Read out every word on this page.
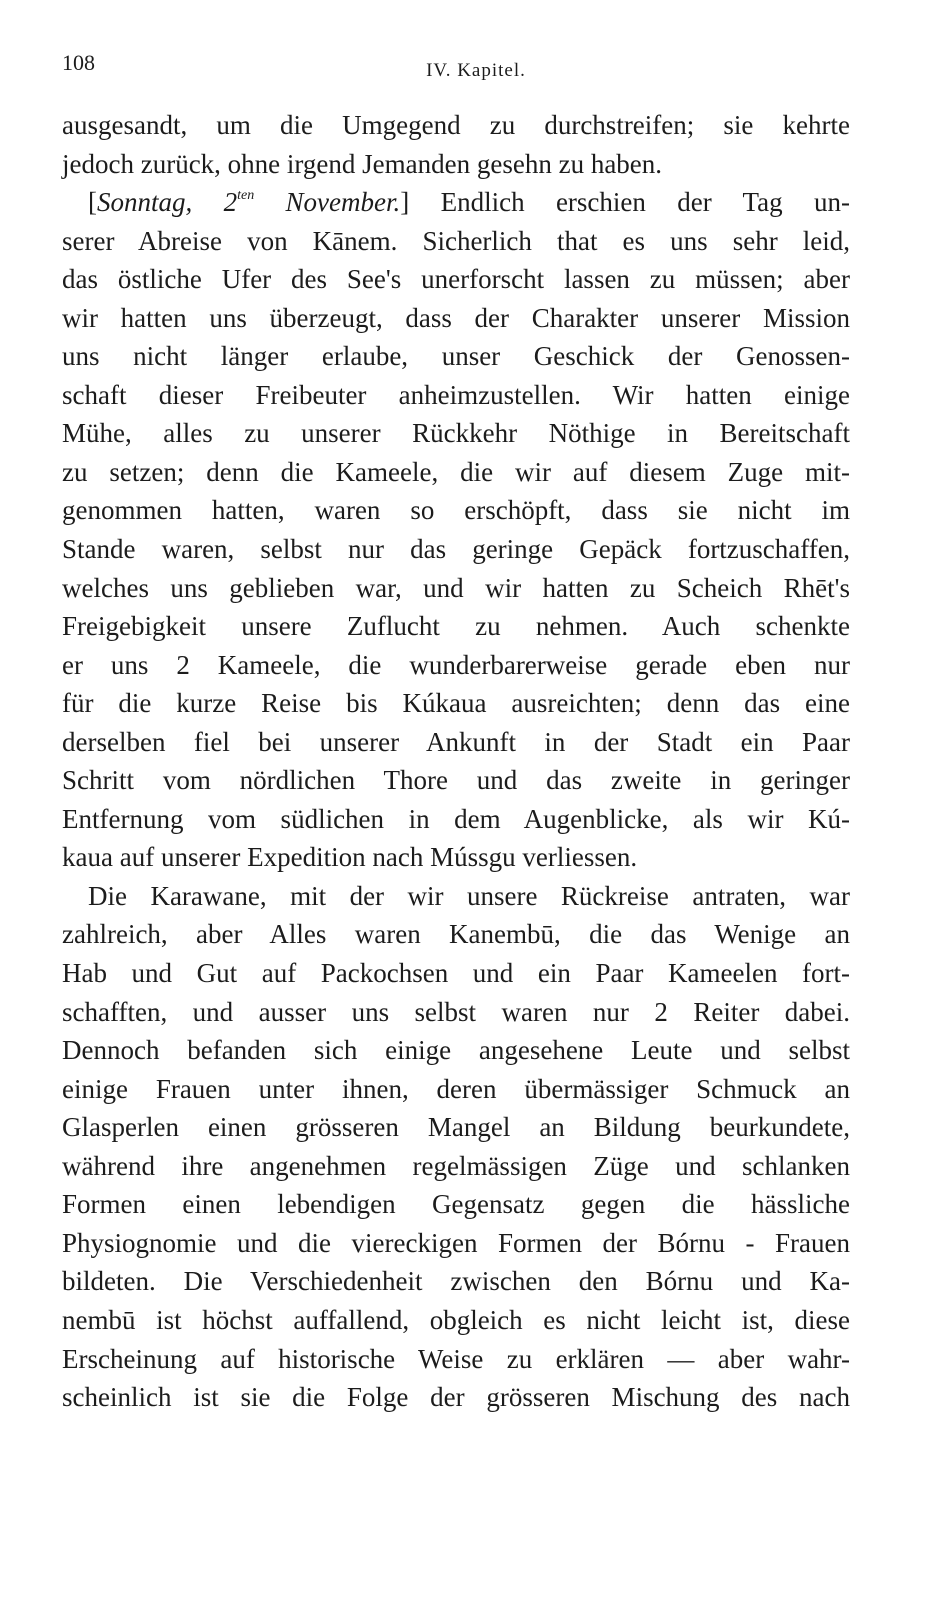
108	IV. Kapitel.
ausgesandt, um die Umgegend zu durchstreifen; sie kehrte
jedoch zurück, ohne irgend Jemanden gesehn zu haben.
[Sonntag, $2^{ten}$ November.] Endlich erschien der Tag un-
serer Abreise von Kānem. Sicherlich that es uns sehr leid,
das östliche Ufer des See's unerforscht lassen zu müssen; aber
wir hatten uns überzeugt, dass der Charakter unserer Mission
uns nicht länger erlaube, unser Geschick der Genossen-
schaft dieser Freibeuter anheimzustellen. Wir hatten einige
Mühe, alles zu unserer Rückkehr Nöthige in Bereitschaft
zu setzen; denn die Kameele, die wir auf diesem Zuge mit-
genommen hatten, waren so erschöpft, dass sie nicht im
Stande waren, selbst nur das geringe Gepäck fortzuschaffen,
welches uns geblieben war, und wir hatten zu Scheich Rhēt's
Freigebigkeit unsere Zuflucht zu nehmen. Auch schenkte
er uns 2 Kameele, die wunderbarerweise gerade eben nur
für die kurze Reise bis Kúkaua ausreichten; denn das eine
derselben fiel bei unserer Ankunft in der Stadt ein Paar
Schritt vom nördlichen Thore und das zweite in geringer
Entfernung vom südlichen in dem Augenblicke, als wir Kú-
kaua auf unserer Expedition nach Mússgu verliessen.
Die Karawane, mit der wir unsere Rückreise antraten, war
zahlreich, aber Alles waren Kanembū, die das Wenige an
Hab und Gut auf Packochsen und ein Paar Kameelen fort-
schafften, und ausser uns selbst waren nur 2 Reiter dabei.
Dennoch befanden sich einige angesehene Leute und selbst
einige Frauen unter ihnen, deren übermässiger Schmuck an
Glasperlen einen grösseren Mangel an Bildung beurkundete,
während ihre angenehmen regelmässigen Züge und schlanken
Formen einen lebendigen Gegensatz gegen die hässliche
Physiognomie und die viereckigen Formen der Bórnu - Frauen
bildeten. Die Verschiedenheit zwischen den Bórnu und Ka-
nembū ist höchst auffallend, obgleich es nicht leicht ist, diese
Erscheinung auf historische Weise zu erklären — aber wahr-
scheinlich ist sie die Folge der grösseren Mischung des nach
